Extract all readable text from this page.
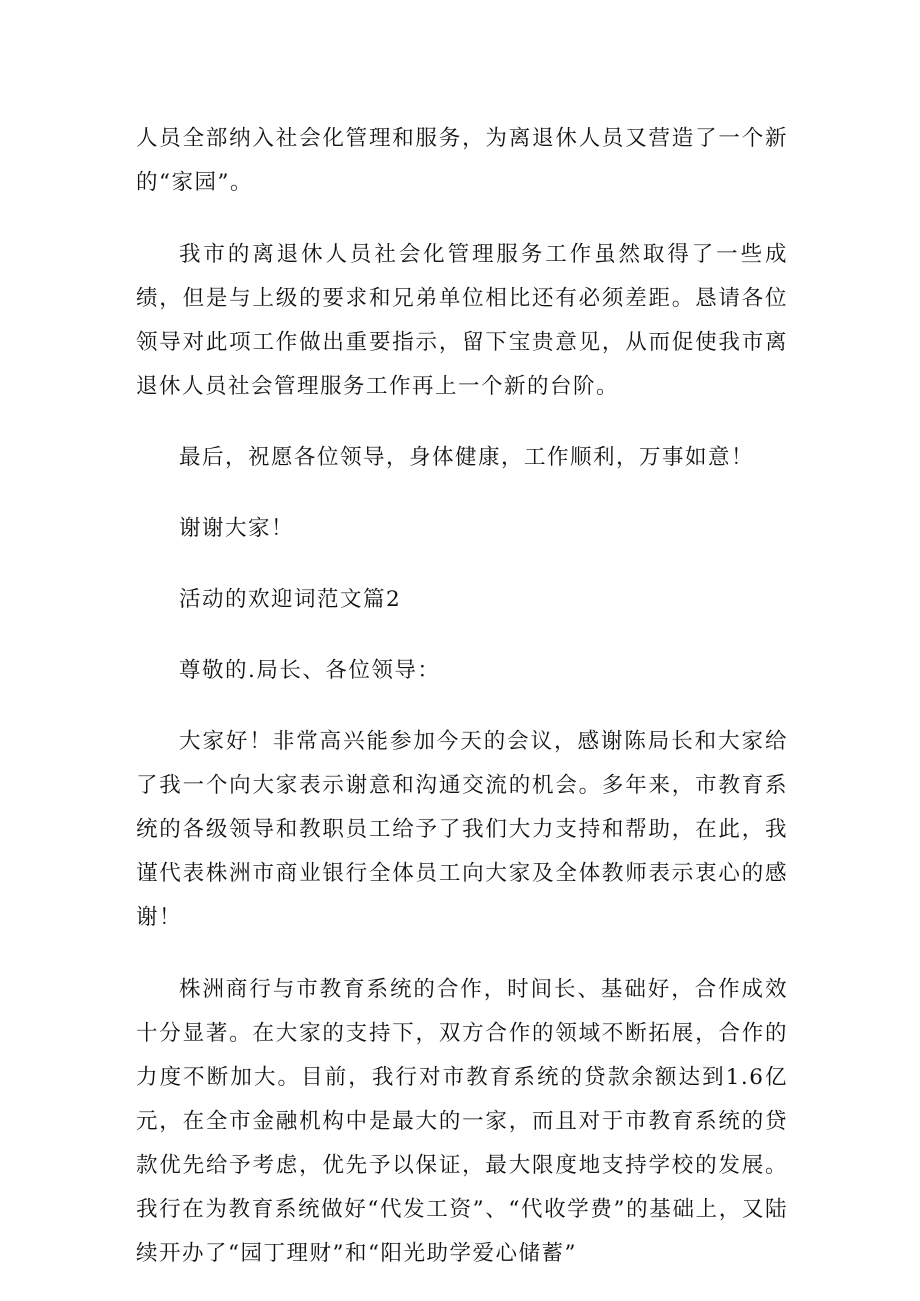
人员全部纳入社会化管理和服务，为离退休人员又营造了一个新的“家园”。

我市的离退休人员社会化管理服务工作虽然取得了一些成绩，但是与上级的要求和兄弟单位相比还有必须差距。恳请各位领导对此项工作做出重要指示，留下宝贵意见，从而促使我市离退休人员社会管理服务工作再上一个新的台阶。

最后，祝愿各位领导，身体健康，工作顺利，万事如意！

谢谢大家！

活动的欢迎词范文篇2

尊敬的.局长、各位领导：

大家好！非常高兴能参加今天的会议，感谢陈局长和大家给了我一个向大家表示谢意和沟通交流的机会。多年来，市教育系统的各级领导和教职员工给予了我们大力支持和帮助，在此，我谨代表株洲市商业银行全体员工向大家及全体教师表示衷心的感谢！

株洲商行与市教育系统的合作，时间长、基础好，合作成效十分显著。在大家的支持下，双方合作的领域不断拓展，合作的力度不断加大。目前，我行对市教育系统的贷款余额达到1.6亿元，在全市金融机构中是最大的一家，而且对于市教育系统的贷款优先给予考虑，优先予以保证，最大限度地支持学校的发展。我行在为教育系统做好“代发工资”、“代收学费”的基础上，又陆续开办了“园丁理财”和“阳光助学爱心储蓄”
